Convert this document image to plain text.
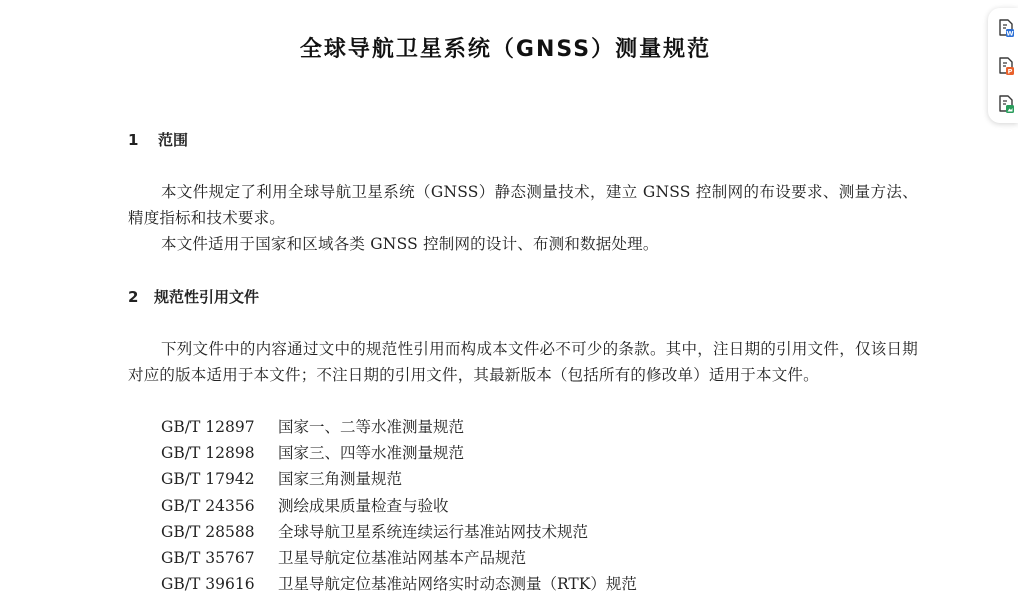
全球导航卫星系统（GNSS）测量规范
1 范围

本文件规定了利用全球导航卫星系统（GNSS）静态测量技术，建立 GNSS 控制网的布设要求、测量方法、精度指标和技术要求。

本文件适用于国家和区域各类 GNSS 控制网的设计、布测和数据处理。

2 规范性引用文件

下列文件中的内容通过文中的规范性引用而构成本文件必不可少的条款。其中，注日期的引用文件，仅该日期对应的版本适用于本文件；不注日期的引用文件，其最新版本（包括所有的修改单）适用于本文件。

GB/T 12897 国家一、二等水准测量规范
GB/T 12898 国家三、四等水准测量规范
GB/T 17942 国家三角测量规范
GB/T 24356 测绘成果质量检查与验收
GB/T 28588 全球导航卫星系统连续运行基准站网技术规范
GB/T 35767 卫星导航定位基准站网基本产品规范
GB/T 39616 卫星导航定位基准站网络实时动态测量（RTK）规范
W
P
